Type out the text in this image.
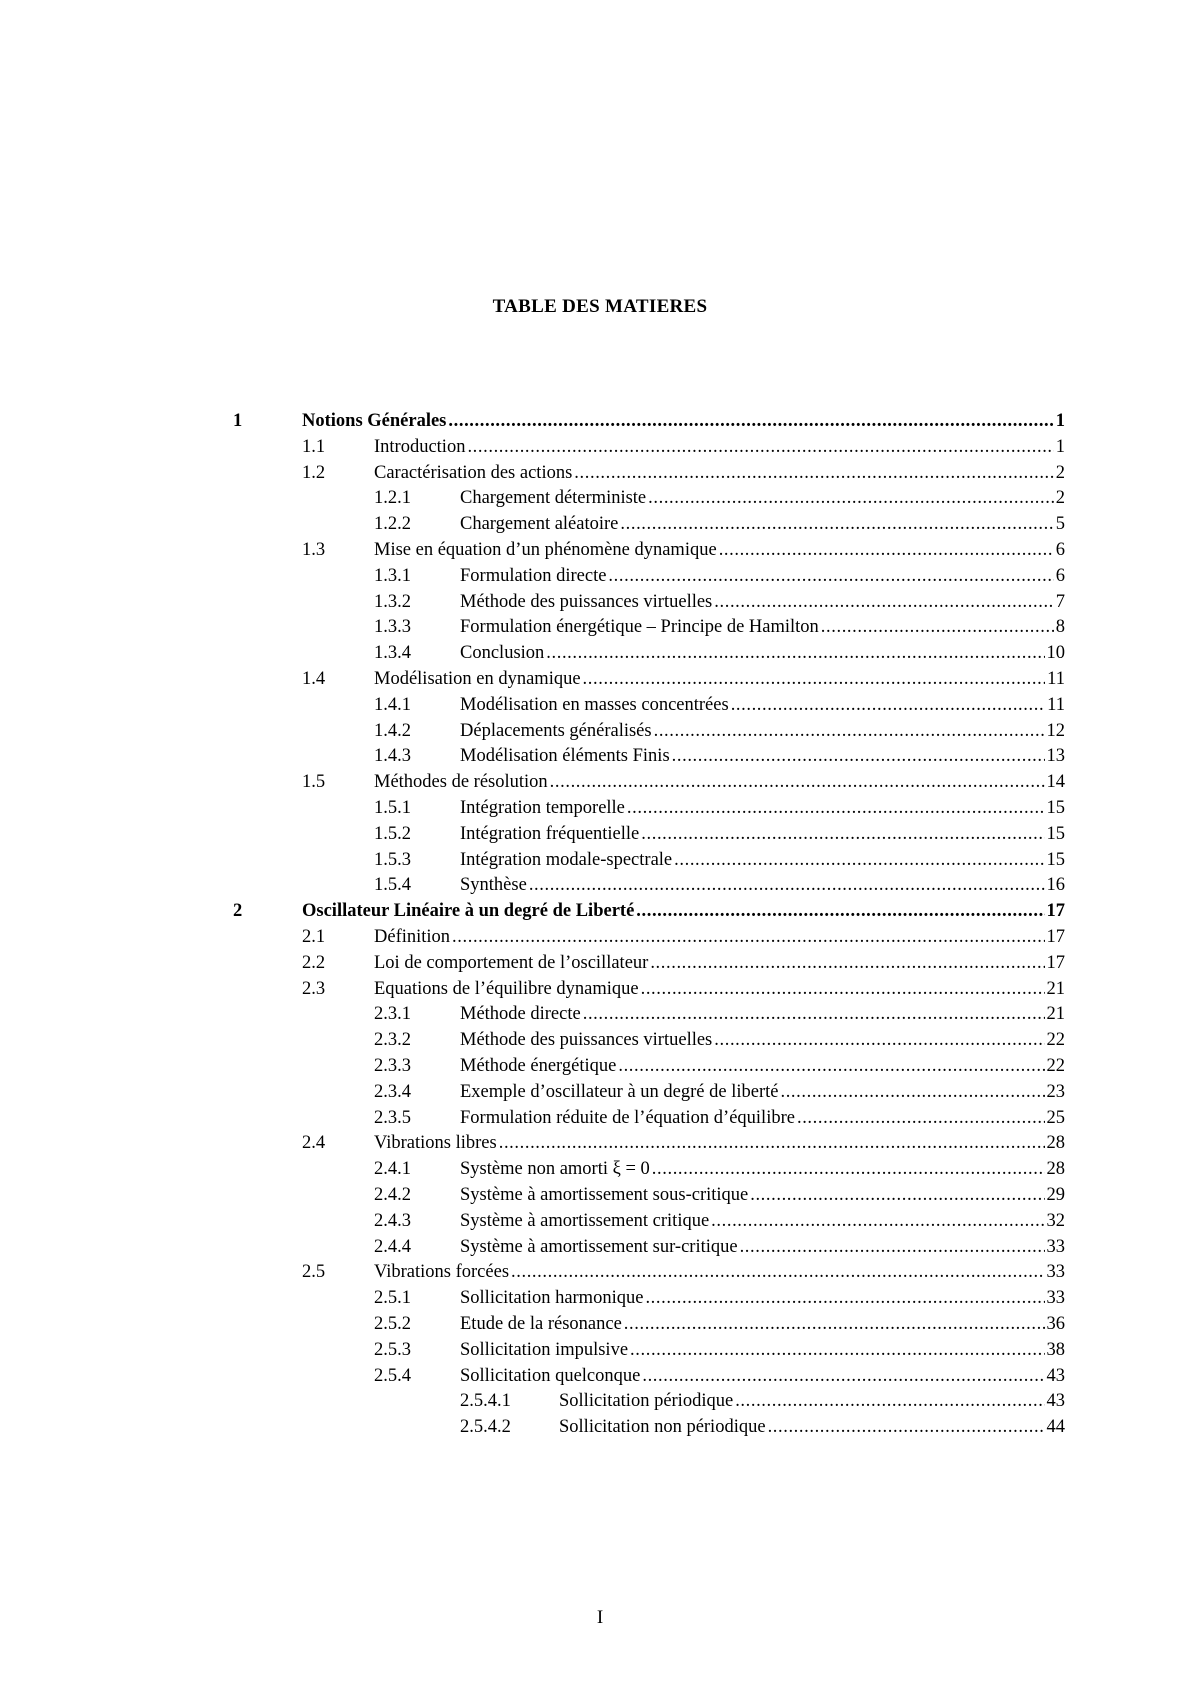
TABLE DES MATIERES
1	Notions Générales .....	1
1.1	Introduction .....	1
1.2	Caractérisation des actions .....	2
1.2.1	Chargement déterministe .....	2
1.2.2	Chargement aléatoire .....	5
1.3	Mise en équation d’un phénomène dynamique .....	6
1.3.1	Formulation directe .....	6
1.3.2	Méthode des puissances virtuelles .....	7
1.3.3	Formulation énergétique – Principe de Hamilton .....	8
1.3.4	Conclusion .....	10
1.4	Modélisation en dynamique .....	11
1.4.1	Modélisation en masses concentrées .....	11
1.4.2	Déplacements généralisés .....	12
1.4.3	Modélisation éléments Finis .....	13
1.5	Méthodes de résolution .....	14
1.5.1	Intégration temporelle .....	15
1.5.2	Intégration fréquentielle .....	15
1.5.3	Intégration modale-spectrale .....	15
1.5.4	Synthèse .....	16
2	Oscillateur Linéaire à un degré de Liberté .....	17
2.1	Définition .....	17
2.2	Loi de comportement de l’oscillateur .....	17
2.3	Equations de l’équilibre dynamique .....	21
2.3.1	Méthode directe .....	21
2.3.2	Méthode des puissances virtuelles .....	22
2.3.3	Méthode énergétique .....	22
2.3.4	Exemple d’oscillateur à un degré de liberté .....	23
2.3.5	Formulation réduite de l’équation d’équilibre .....	25
2.4	Vibrations libres .....	28
2.4.1	Système non amorti ξ = 0 .....	28
2.4.2	Système à amortissement sous-critique .....	29
2.4.3	Système à amortissement critique .....	32
2.4.4	Système à amortissement sur-critique .....	33
2.5	Vibrations forcées .....	33
2.5.1	Sollicitation harmonique .....	33
2.5.2	Etude de la résonance .....	36
2.5.3	Sollicitation impulsive .....	38
2.5.4	Sollicitation quelconque .....	43
2.5.4.1	Sollicitation périodique .....	43
2.5.4.2	Sollicitation non périodique .....	44
I
